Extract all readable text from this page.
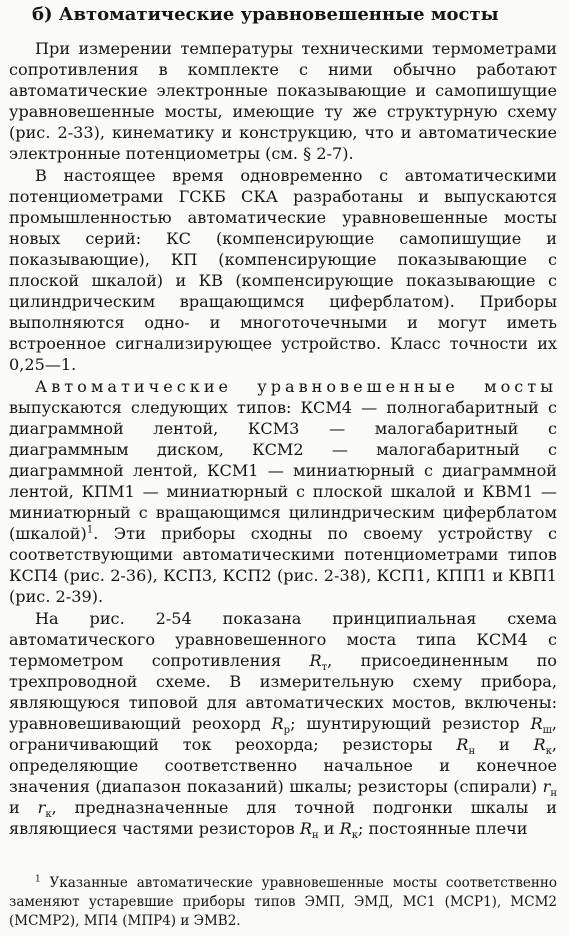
б) Автоматические уравновешенные мосты

При измерении температуры техническими термометрами сопротивления в комплекте с ними обычно работают автоматические электронные показывающие и самопишущие уравновешенные мосты, имеющие ту же структурную схему (рис. 2-33), кинематику и конструкцию, что и автоматические электронные потенциометры (см. § 2-7).

В настоящее время одновременно с автоматическими потенциометрами ГСКБ СКА разработаны и выпускаются промышленностью автоматические уравновешенные мосты новых серий: КС (компенсирующие самопишущие и показывающие), КП (компенсирующие показывающие с плоской шкалой) и КВ (компенсирующие показывающие с цилиндрическим вращающимся циферблатом). Приборы выполняются одно- и многоточечными и могут иметь встроенное сигнализирующее устройство. Класс точности их 0,25—1.

Автоматические уравновешенные мосты выпускаются следующих типов: КСМ4 — полногабаритный с диаграммной лентой, КСМ3 — малогабаритный с диаграммным диском, КСМ2 — малогабаритный с диаграммной лентой, КСМ1 — миниатюрный с диаграммной лентой, КПМ1 — миниатюрный с плоской шкалой и КВМ1 — миниатюрный с вращающимся цилиндрическим циферблатом (шкалой)$^1$. Эти приборы сходны по своему устройству с соответствующими автоматическими потенциометрами типов КСП4 (рис. 2-36), КСП3, КСП2 (рис. 2-38), КСП1, КПП1 и КВП1 (рис. 2-39).

На рис. 2-54 показана принципиальная схема автоматического уравновешенного моста типа КСМ4 с термометром сопротивления $R_т$, присоединенным по трехпроводной схеме. В измерительную схему прибора, являющуюся типовой для автоматических мостов, включены: уравновешивающий реохорд $R_р$; шунтирующий резистор $R_ш$, ограничивающий ток реохорда; резисторы $R_н$ и $R_к$, определяющие соответственно начальное и конечное значения (диапазон показаний) шкалы; резисторы (спирали) $r_н$ и $r_к$, предназначенные для точной подгонки шкалы и являющиеся частями резисторов $R_н$ и $R_к$; постоянные плечи

$^1$ Указанные автоматические уравновешенные мосты соответственно заменяют устаревшие приборы типов ЭМП, ЭМД, МС1 (МСР1), МСМ2 (МСМР2), МП4 (МПР4) и ЭМВ2.
